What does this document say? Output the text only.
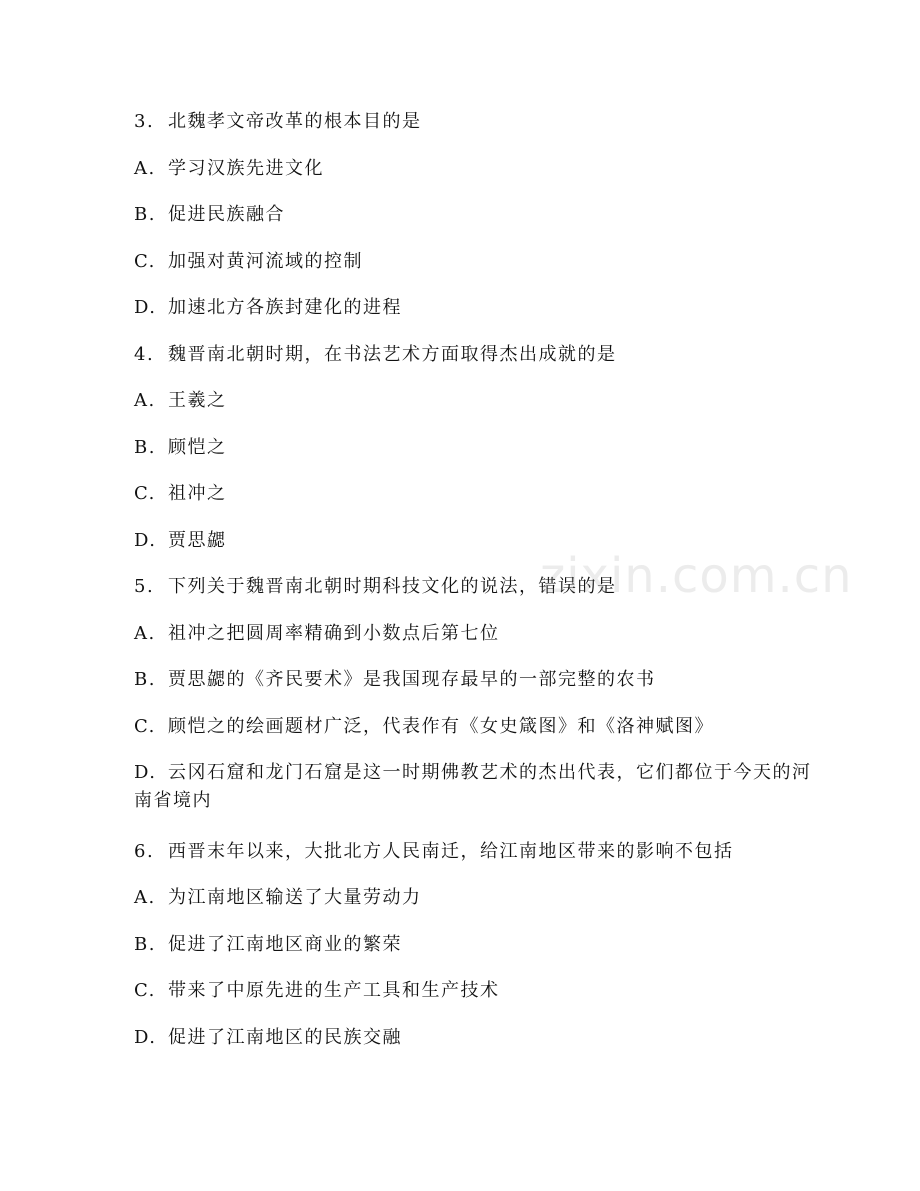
3. 北魏孝文帝改革的根本目的是
A. 学习汉族先进文化
B. 促进民族融合
C. 加强对黄河流域的控制
D. 加速北方各族封建化的进程
4. 魏晋南北朝时期，在书法艺术方面取得杰出成就的是
A. 王羲之
B. 顾恺之
C. 祖冲之
D. 贾思勰
5. 下列关于魏晋南北朝时期科技文化的说法，错误的是
A. 祖冲之把圆周率精确到小数点后第七位
B. 贾思勰的《齐民要术》是我国现存最早的一部完整的农书
C. 顾恺之的绘画题材广泛，代表作有《女史箴图》和《洛神赋图》
D. 云冈石窟和龙门石窟是这一时期佛教艺术的杰出代表，它们都位于今天的河南省境内
6. 西晋末年以来，大批北方人民南迁，给江南地区带来的影响不包括
A. 为江南地区输送了大量劳动力
B. 促进了江南地区商业的繁荣
C. 带来了中原先进的生产工具和生产技术
D. 促进了江南地区的民族交融
zixin.com.cn
